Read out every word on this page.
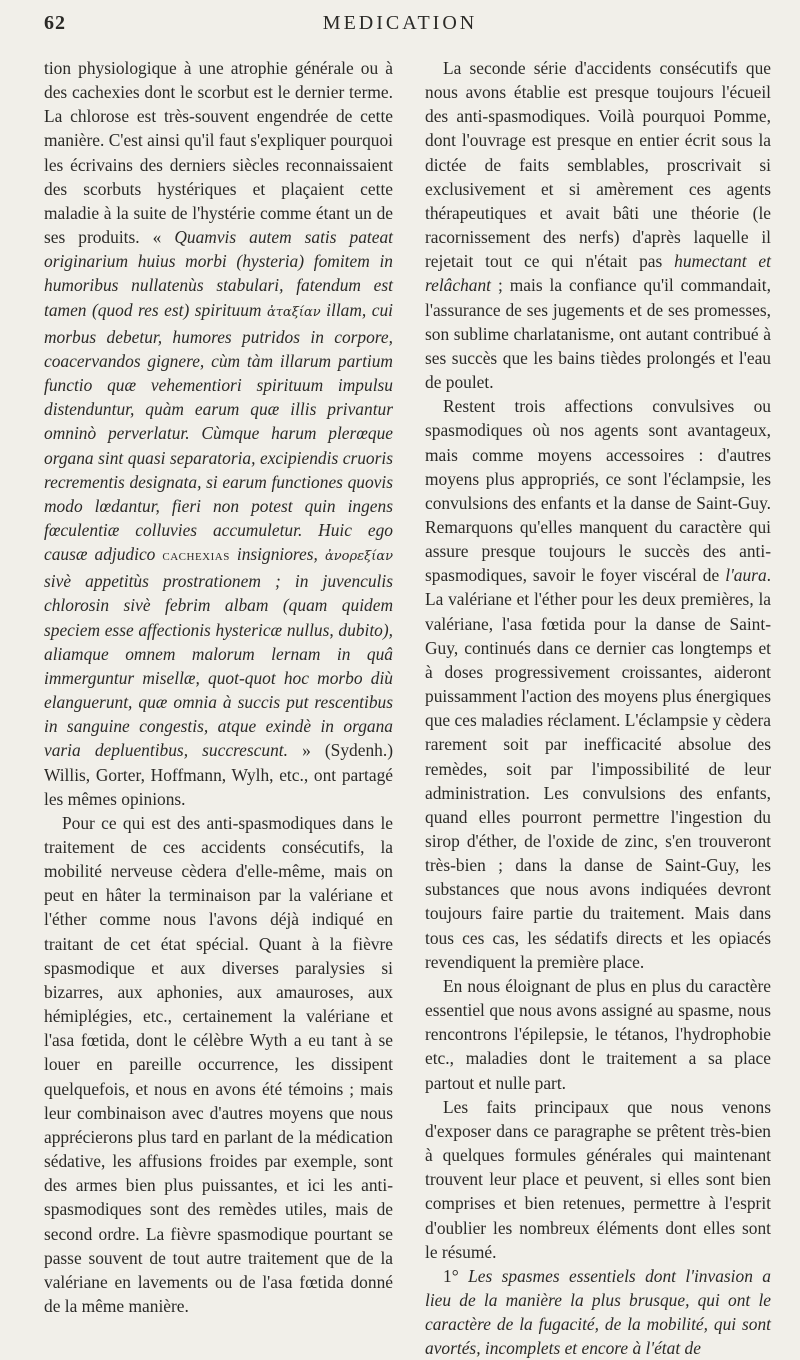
62	MEDICATION

tion physiologique à une atrophie générale ou à des cachexies dont le scorbut est le dernier terme. La chlorose est très-souvent engendrée de cette manière. C'est ainsi qu'il faut s'expliquer pourquoi les écrivains des derniers siècles reconnaissaient des scorbuts hystériques et plaçaient cette maladie à la suite de l'hystérie comme étant un de ses produits. « Quamvis autem satis pateat originarium huius morbi (hysteria) fomitem in humoribus nullatenùs stabulari, fatendum est tamen (quod res est) spirituum ἀταξίαν illam, cui morbus debetur, humores putridos in corpore, coacervandos gignere, cùm tàm illarum partium functio quæ vehementiori spirituum impulsu distenduntur, quàm earum quæ illis privantur omninò perverlatur. Cùmque harum plerœque organa sint quasi separatoria, excipiendis cruoris recrementis designata, si earum functiones quovis modo lœdantur, fieri non potest quin ingens fœculentiæ colluvies accumuletur. Huic ego causæ adjudico cachexias insigniores, ἀνορεξίαν sivè appetitùs prostrationem ; in juvenculis chlorosin sivè febrim albam (quam quidem speciem esse affectionis hystericæ nullus, dubito), aliamque omnem malorum lernam in quâ immerguntur misellæ, quot-quot hoc morbo diù elanguerunt, quæ omnia à succis put rescentibus in sanguine congestis, atque exindè in organa varia depluentibus, succrescunt. » (Sydenh.) Willis, Gorter, Hoffmann, Wylh, etc., ont partagé les mêmes opinions.

Pour ce qui est des anti-spasmodiques dans le traitement de ces accidents consécutifs, la mobilité nerveuse cèdera d'elle-même, mais on peut en hâter la terminaison par la valériane et l'éther comme nous l'avons déjà indiqué en traitant de cet état spécial. Quant à la fièvre spasmodique et aux diverses paralysies si bizarres, aux aphonies, aux amauroses, aux hémiplégies, etc., certainement la valériane et l'asa fœtida, dont le célèbre Wyth a eu tant à se louer en pareille occurrence, les dissipent quelquefois, et nous en avons été témoins ; mais leur combinaison avec d'autres moyens que nous apprécierons plus tard en parlant de la médication sédative, les affusions froides par exemple, sont des armes bien plus puissantes, et ici les anti-spasmodiques sont des remèdes utiles, mais de second ordre. La fièvre spasmodique pourtant se passe souvent de tout autre traitement que de la valériane en lavements ou de l'asa fœtida donné de la même manière.

La seconde série d'accidents consécutifs que nous avons établie est presque toujours l'écueil des anti-spasmodiques. Voilà pourquoi Pomme, dont l'ouvrage est presque en entier écrit sous la dictée de faits semblables, proscrivait si exclusivement et si amèrement ces agents thérapeutiques et avait bâti une théorie (le racornissement des nerfs) d'après laquelle il rejetait tout ce qui n'était pas humectant et relâchant ; mais la confiance qu'il commandait, l'assurance de ses jugements et de ses promesses, son sublime charlatanisme, ont autant contribué à ses succès que les bains tièdes prolongés et l'eau de poulet.

Restent trois affections convulsives ou spasmodiques où nos agents sont avantageux, mais comme moyens accessoires : d'autres moyens plus appropriés, ce sont l'éclampsie, les convulsions des enfants et la danse de Saint-Guy. Remarquons qu'elles manquent du caractère qui assure presque toujours le succès des anti-spasmodiques, savoir le foyer viscéral de l'aura. La valériane et l'éther pour les deux premières, la valériane, l'asa fœtida pour la danse de Saint-Guy, continués dans ce dernier cas longtemps et à doses progressivement croissantes, aideront puissamment l'action des moyens plus énergiques que ces maladies réclament. L'éclampsie y cèdera rarement soit par inefficacité absolue des remèdes, soit par l'impossibilité de leur administration. Les convulsions des enfants, quand elles pourront permettre l'ingestion du sirop d'éther, de l'oxide de zinc, s'en trouveront très-bien ; dans la danse de Saint-Guy, les substances que nous avons indiquées devront toujours faire partie du traitement. Mais dans tous ces cas, les sédatifs directs et les opiacés revendiquent la première place.

En nous éloignant de plus en plus du caractère essentiel que nous avons assigné au spasme, nous rencontrons l'épilepsie, le tétanos, l'hydrophobie etc., maladies dont le traitement a sa place partout et nulle part.

Les faits principaux que nous venons d'exposer dans ce paragraphe se prêtent très-bien à quelques formules générales qui maintenant trouvent leur place et peuvent, si elles sont bien comprises et bien retenues, permettre à l'esprit d'oublier les nombreux éléments dont elles sont le résumé.

1° Les spasmes essentiels dont l'invasion a lieu de la manière la plus brusque, qui ont le caractère de la fugacité, de la mobilité, qui sont avortés, incomplets et encore à l'état de
